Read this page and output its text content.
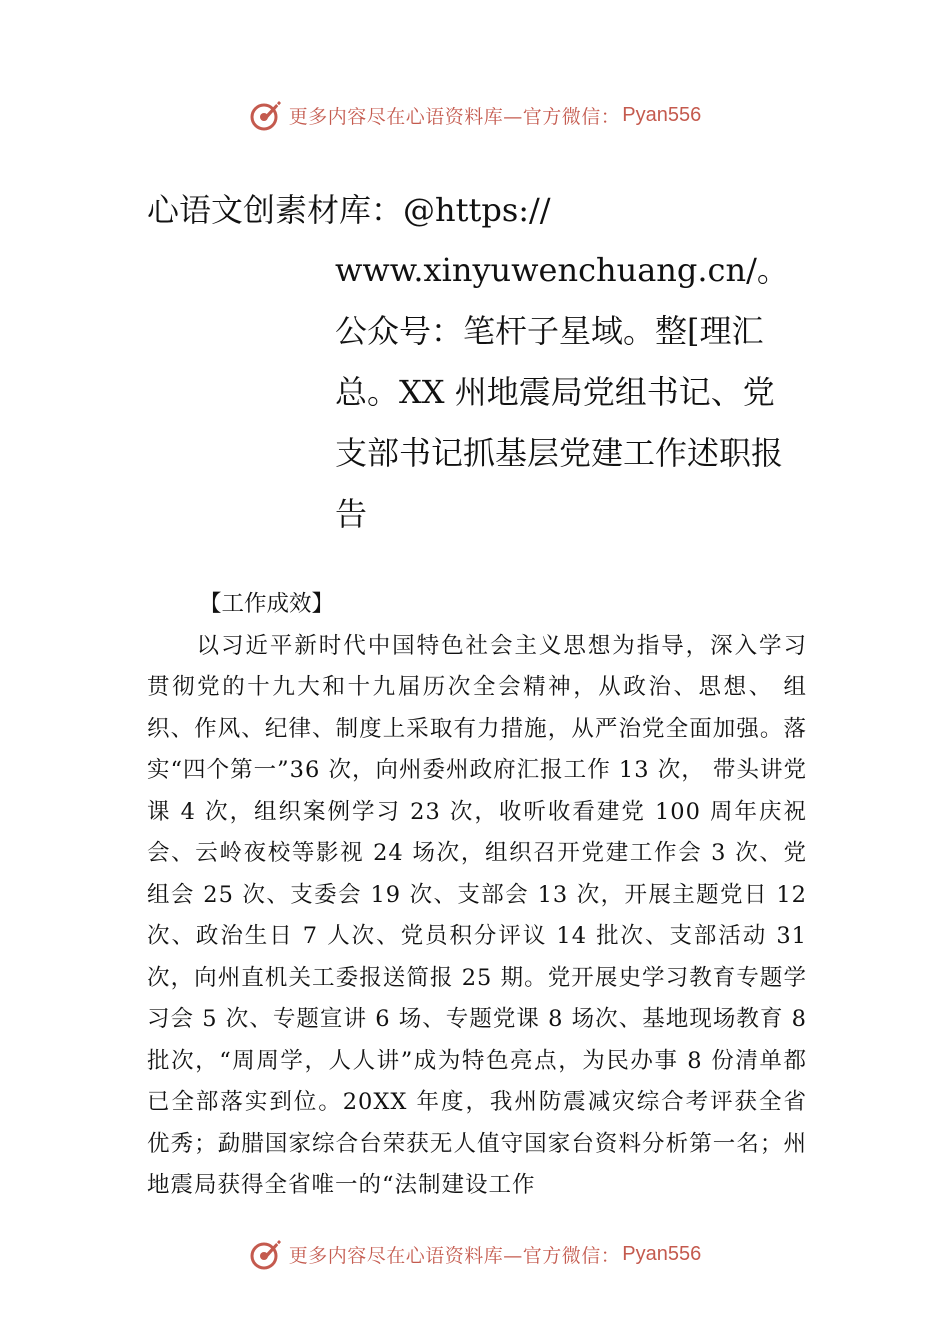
更多内容尽在心语资料库—官方微信： Pyan556
心语文创素材库：@https://
www.xinyuwenchuang.cn/。公众号：笔杆子星域。整[理汇总。XX 州地震局党组书记、党支部书记抓基层党建工作述职报告
【工作成效】
以习近平新时代中国特色社会主义思想为指导，深入学习贯彻党的十九大和十九届历次全会精神，从政治、思想、 组织、作风、纪律、制度上采取有力措施，从严治党全面加强。落实“四个第一”36 次，向州委州政府汇报工作 13 次， 带头讲党课 4 次，组织案例学习 23 次，收听收看建党 100 周年庆祝会、云岭夜校等影视 24 场次，组织召开党建工作会 3 次、党组会 25 次、支委会 19 次、支部会 13 次，开展主题党日 12 次、政治生日 7 人次、党员积分评议 14 批次、支部活动 31 次，向州直机关工委报送简报 25 期。党开展史学习教育专题学习会 5 次、专题宣讲 6 场、专题党课 8 场次、基地现场教育 8 批次，“周周学，人人讲”成为特色亮点，为民办事 8 份清单都已全部落实到位。20XX 年度，我州防震减灾综合考评获全省优秀；勐腊国家综合台荣获无人值守国家台资料分析第一名；州地震局获得全省唯一的“法制建设工作
更多内容尽在心语资料库—官方微信： Pyan556
